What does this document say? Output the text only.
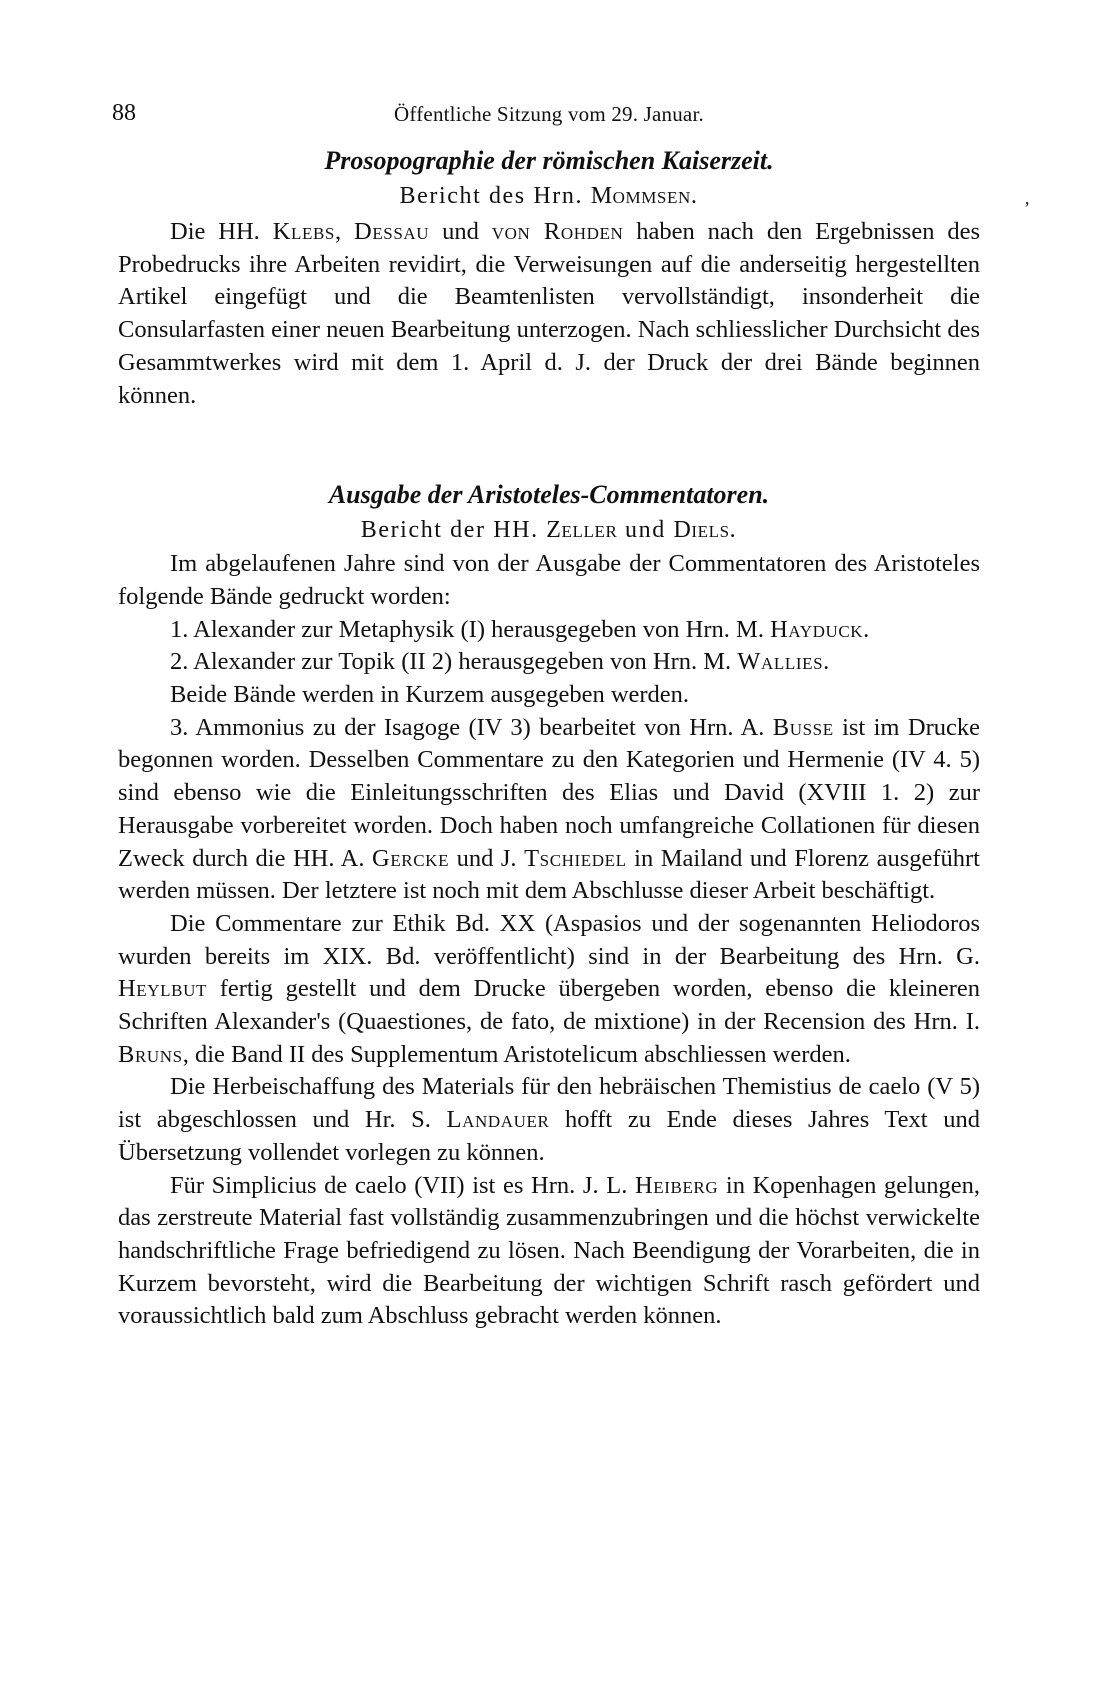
88	Öffentliche Sitzung vom 29. Januar.
ʼ
Prosopographie der römischen Kaiserzeit.
Bericht des Hrn. Mommsen.

Die HH. Klebs, Dessau und von Rohden haben nach den Ergebnissen des Probedrucks ihre Arbeiten revidirt, die Verweisungen auf die anderseitig hergestellten Artikel eingefügt und die Beamtenlisten vervollständigt, insonderheit die Consularfasten einer neuen Bearbeitung unterzogen. Nach schliesslicher Durchsicht des Gesammtwerkes wird mit dem 1. April d. J. der Druck der drei Bände beginnen können.

Ausgabe der Aristoteles-Commentatoren.
Bericht der HH. Zeller und Diels.

Im abgelaufenen Jahre sind von der Ausgabe der Commentatoren des Aristoteles folgende Bände gedruckt worden:

1. Alexander zur Metaphysik (I) herausgegeben von Hrn. M. Hayduck.

2. Alexander zur Topik (II 2) herausgegeben von Hrn. M. Wallies.

Beide Bände werden in Kurzem ausgegeben werden.

3. Ammonius zu der Isagoge (IV 3) bearbeitet von Hrn. A. Busse ist im Drucke begonnen worden. Desselben Commentare zu den Kategorien und Hermenie (IV 4. 5) sind ebenso wie die Einleitungsschriften des Elias und David (XVIII 1. 2) zur Herausgabe vorbereitet worden. Doch haben noch umfangreiche Collationen für diesen Zweck durch die HH. A. Gercke und J. Tschiedel in Mailand und Florenz ausgeführt werden müssen. Der letztere ist noch mit dem Abschlusse dieser Arbeit beschäftigt.

Die Commentare zur Ethik Bd. XX (Aspasios und der sogenannten Heliodoros wurden bereits im XIX. Bd. veröffentlicht) sind in der Bearbeitung des Hrn. G. Heylbut fertig gestellt und dem Drucke übergeben worden, ebenso die kleineren Schriften Alexander's (Quaestiones, de fato, de mixtione) in der Recension des Hrn. I. Bruns, die Band II des Supplementum Aristotelicum abschliessen werden.

Die Herbeischaffung des Materials für den hebräischen Themistius de caelo (V 5) ist abgeschlossen und Hr. S. Landauer hofft zu Ende dieses Jahres Text und Übersetzung vollendet vorlegen zu können.

Für Simplicius de caelo (VII) ist es Hrn. J. L. Heiberg in Kopenhagen gelungen, das zerstreute Material fast vollständig zusammenzubringen und die höchst verwickelte handschriftliche Frage befriedigend zu lösen. Nach Beendigung der Vorarbeiten, die in Kurzem bevorsteht, wird die Bearbeitung der wichtigen Schrift rasch gefördert und voraussichtlich bald zum Abschluss gebracht werden können.
